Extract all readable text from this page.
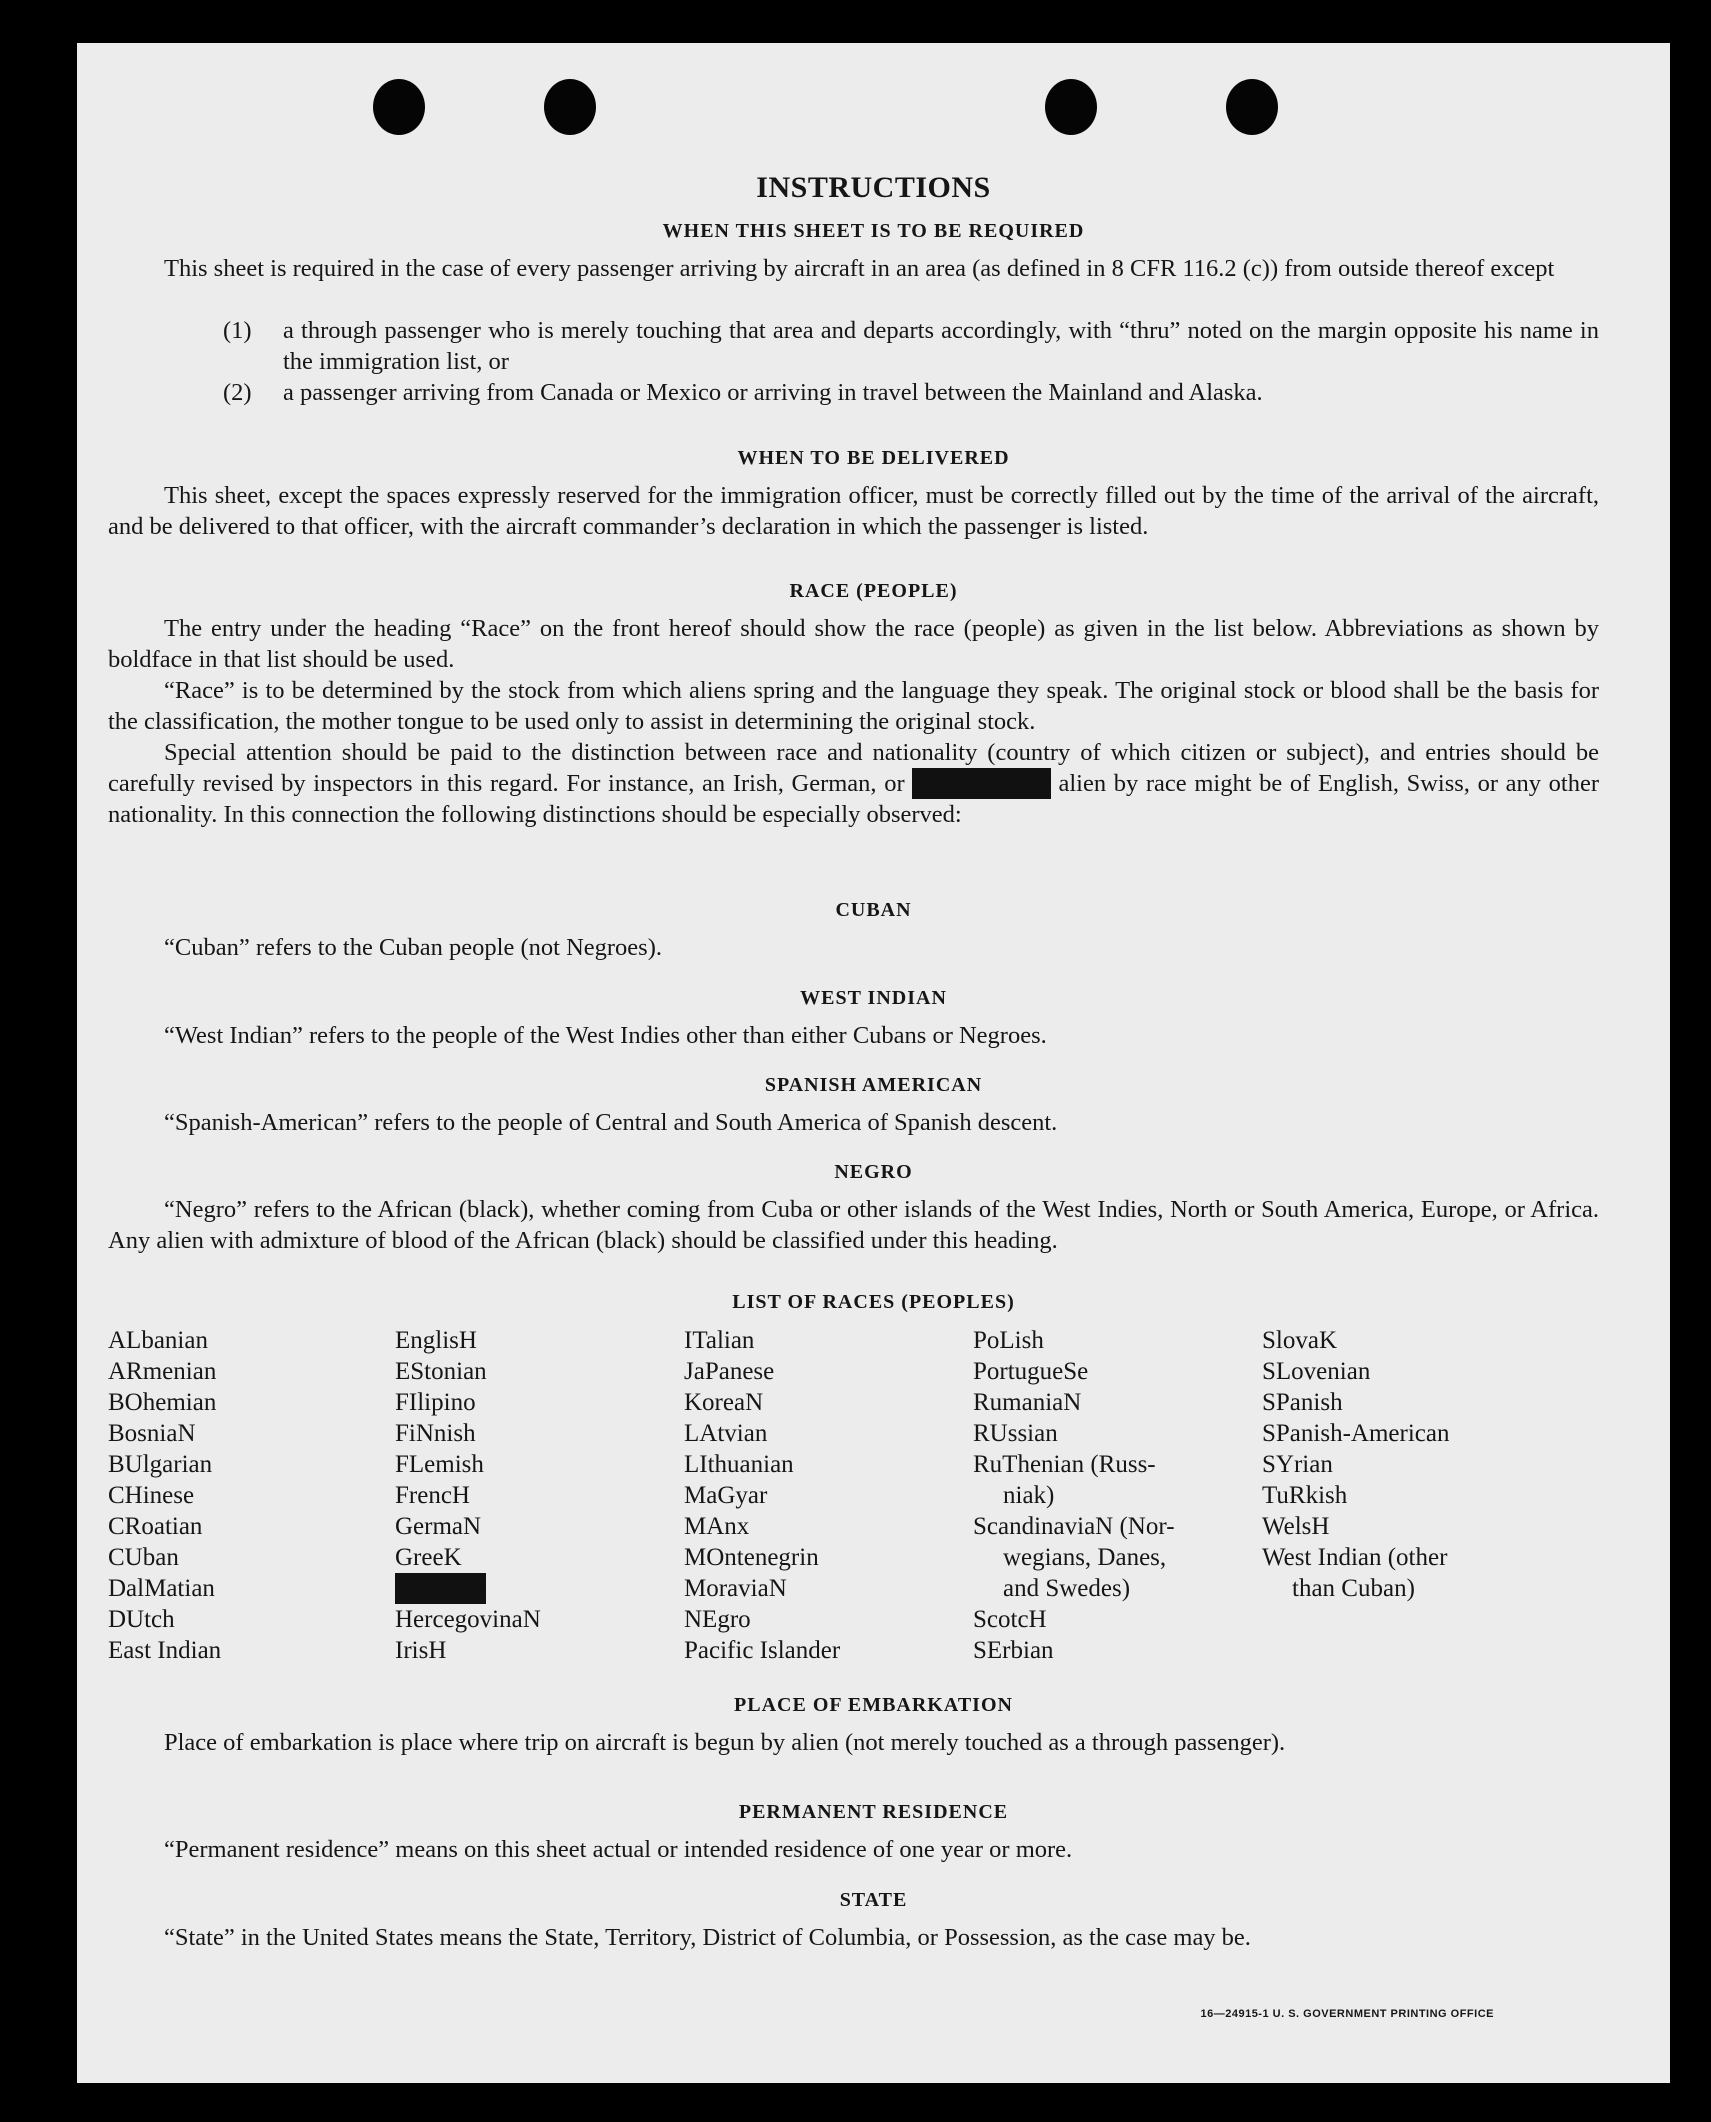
INSTRUCTIONS
WHEN THIS SHEET IS TO BE REQUIRED

This sheet is required in the case of every passenger arriving by aircraft in an area (as defined in 8 CFR 116.2 (c)) from outside thereof except

(1) a through passenger who is merely touching that area and departs accordingly, with “thru” noted on the margin opposite his name in the immigration list, or
(2) a passenger arriving from Canada or Mexico or arriving in travel between the Mainland and Alaska.
WHEN TO BE DELIVERED

This sheet, except the spaces expressly reserved for the immigration officer, must be correctly filled out by the time of the arrival of the aircraft, and be delivered to that officer, with the aircraft commander’s declaration in which the passenger is listed.

RACE (PEOPLE)

The entry under the heading “Race” on the front hereof should show the race (people) as given in the list below. Abbreviations as shown by boldface in that list should be used.

“Race” is to be determined by the stock from which aliens spring and the language they speak. The original stock or blood shall be the basis for the classification, the mother tongue to be used only to assist in determining the original stock.

Special attention should be paid to the distinction between race and nationality (country of which citizen or subject), and entries should be carefully revised by inspectors in this regard. For instance, an Irish, German, or	Hebrew alien by race might be of English, Swiss, or any other nationality. In this connection the following distinctions should be especially observed:

CUBAN

“Cuban” refers to the Cuban people (not Negroes).

WEST INDIAN

“West Indian” refers to the people of the West Indies other than either Cubans or Negroes.

SPANISH AMERICAN

“Spanish-American” refers to the people of Central and South America of Spanish descent.

NEGRO

“Negro” refers to the African (black), whether coming from Cuba or other islands of the West Indies, North or South America, Europe, or Africa. Any alien with admixture of blood of the African (black) should be classified under this heading.

LIST OF RACES (PEOPLES)
ALbanian
ARmenian
BOhemian
BosniaN
BUlgarian
CHinese
CRoatian
CUban
DalMatian
DUtch
East Indian
EnglisH
EStonian
FIlipino
FiNnish
FLemish
FrencH
GermaN
GreeK
HebreW
HercegovinaN
IrisH
ITalian
JaPanese
KoreaN
LAtvian
LIthuanian
MaGyar
MAnx
MOntenegrin
MoraviaN
NEgro
Pacific Islander
PoLish
PortugueSe
RumaniaN
RUssian
RuThenian (Russ-
niak)
ScandinaviaN (Nor-
wegians, Danes,
and Swedes)
ScotcH
SErbian
SlovaK
SLovenian
SPanish
SPanish-American
SYrian
TuRkish
WelsH
West Indian (other
than Cuban)
PLACE OF EMBARKATION

Place of embarkation is place where trip on aircraft is begun by alien (not merely touched as a through passenger).

PERMANENT RESIDENCE

“Permanent residence” means on this sheet actual or intended residence of one year or more.

STATE

“State” in the United States means the State, Territory, District of Columbia, or Possession, as the case may be.

16—24915-1 U. S. GOVERNMENT PRINTING OFFICE
